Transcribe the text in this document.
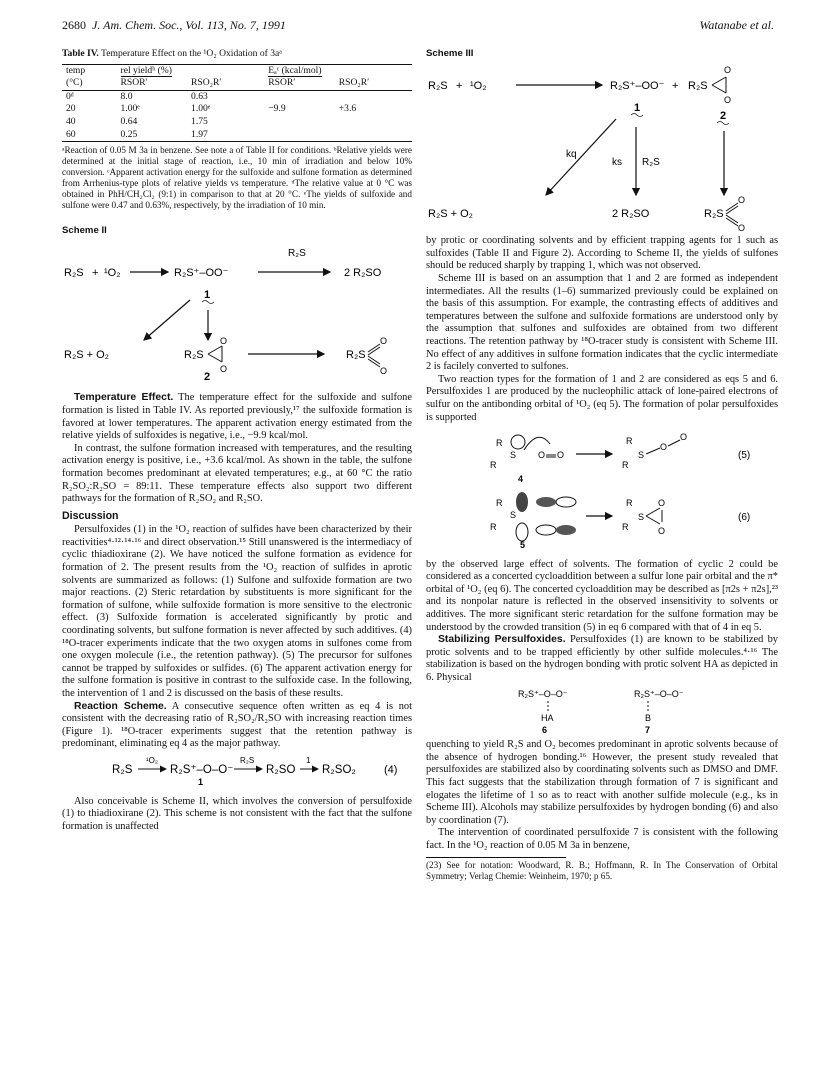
2680 J. Am. Chem. Soc., Vol. 113, No. 7, 1991	Watanabe et al.
Table IV. Temperature Effect on the ¹O₂ Oxidation of 3aᵃ
temp	rel yieldᵇ (%)		Eₐᶜ (kcal/mol)	
(°C)	RSOR′	RSO₂R′	RSOR′	RSO₂R′
0ᵈ	8.0	0.63		
20	1.00ᵉ	1.00ᵉ	−9.9	+3.6
40	0.64	1.75		
60	0.25	1.97		
ᵃReaction of 0.05 M 3a in benzene. See note a of Table II for conditions. ᵇRelative yields were determined at the initial stage of reaction, i.e., 10 min of irradiation and below 10% conversion. ᶜApparent activation energy for the sulfoxide and sulfone formation as determined from Arrhenius-type plots of relative yields vs temperature. ᵈThe relative value at 0 °C was obtained in PhH/CH₂Cl₂ (9:1) in comparison to that at 20 °C. ᵉThe yields of sulfoxide and sulfone were 0.47 and 0.63%, respectively, by the irradiation of 10 min.
Scheme II
R₂S + ¹O₂	R₂S⁺–OO⁻
R₂S
2 R₂SO
1
R₂S + O₂	R₂S
O
O
2
R₂S
O
O

Temperature Effect. The temperature effect for the sulfoxide and sulfone formation is listed in Table IV. As reported previously,¹⁷ the sulfoxide formation is favored at lower temperatures. The apparent activation energy estimated from the relative yields of sulfoxides is negative, i.e., −9.9 kcal/mol.

In contrast, the sulfone formation increased with temperatures, and the resulting activation energy is positive, i.e., +3.6 kcal/mol. As shown in the table, the sulfone formation becomes predominant at elevated temperatures; e.g., at 60 °C the ratio R₂SO₂:R₂SO = 89:11. These temperature effects also support two different pathways for the formation of R₂SO₂ and R₂SO.

Discussion

Persulfoxides (1) in the ¹O₂ reaction of sulfides have been characterized by their reactivities⁴·¹²·¹⁴·¹⁶ and direct observation.¹⁵ Still unanswered is the intermediacy of cyclic thiadioxirane (2). We have noticed the sulfone formation as evidence for formation of 2. The present results from the ¹O₂ reaction of sulfides in aprotic solvents are summarized as follows: (1) Sulfone and sulfoxide formation are two major reactions. (2) Steric retardation by substituents is more significant for the formation of sulfone, while sulfoxide formation is more sensitive to the electronic effect. (3) Sulfoxide formation is accelerated significantly by protic and coordinating solvents, but sulfone formation is never affected by such additives. (4) ¹⁸O-tracer experiments indicate that the two oxygen atoms in sulfones come from one oxygen molecule (i.e., the retention pathway). (5) The precursor for sulfones cannot be trapped by sulfoxides or sulfides. (6) The apparent activation energy for the sulfone formation is positive in contrast to the sulfoxide case. In the following, the intervention of 1 and 2 is discussed on the basis of these results.

Reaction Scheme. A consecutive sequence often written as eq 4 is not consistent with the decreasing ratio of R₂SO₂/R₂SO with increasing reaction times (Figure 1). ¹⁸O-tracer experiments suggest that the retention pathway is predominant, eliminating eq 4 as the major pathway.

R₂S
¹O₂
R₂S⁺–O–O⁻
1
R₂S
R₂SO
1
R₂SO₂	(4)

Also conceivable is Scheme II, which involves the conversion of persulfoxide (1) to thiadioxirane (2). This scheme is not consistent with the fact that the sulfone formation is unaffected

Scheme III
R₂S + ¹O₂	R₂S⁺–OO⁻ + R₂S
O
O
1
2
kq
ks R₂S
R₂S + O₂	2 R₂SO	R₂S
O
O

by protic or coordinating solvents and by efficient trapping agents for 1 such as sulfoxides (Table II and Figure 2). According to Scheme II, the yields of sulfones should be reduced sharply by trapping 1, which was not observed.

Scheme III is based on an assumption that 1 and 2 are formed as independent intermediates. All the results (1–6) summarized previously could be explained on the basis of this assumption. For example, the contrasting effects of additives and temperatures between the sulfone and sulfoxide formations are understood only by the assumption that sulfones and sulfoxides are obtained from two different reactions. The retention pathway by ¹⁸O-tracer study is consistent with Scheme III. No effect of any additives in sulfone formation indicates that the cyclic intermediate 2 is facilely converted to sulfones.

Two reaction types for the formation of 1 and 2 are considered as eqs 5 and 6. Persulfoxides 1 are produced by the nucleophilic attack of lone-paired electrons of sulfur on the antibonding orbital of ¹O₂ (eq 5). The formation of polar persulfoxides is supported

R
R
S O O
4
R
R
S
O
O
(5)
R
R
S
5
R
R
S
O
O
(6)

by the observed large effect of solvents. The formation of cyclic 2 could be considered as a concerted cycloaddition between a sulfur lone pair orbital and the π* orbital of ¹O₂ (eq 6). The concerted cycloaddition may be described as [π2s + π2s],²³ and its nonpolar nature is reflected in the observed insensitivity to solvents or additives. The more significant steric retardation for the sulfone formation may be understood by the crowded transition (5) in eq 6 compared with that of 4 in eq 5.

Stabilizing Persulfoxides. Persulfoxides (1) are known to be stabilized by protic solvents and to be trapped efficiently by other sulfide molecules.⁴·¹⁶ The stabilization is based on the hydrogen bonding with protic solvent HA as depicted in 6. Physical

R₂S⁺–O–O⁻
HA
6
R₂S⁺–O–O⁻
B
7

quenching to yield R₂S and O₂ becomes predominant in aprotic solvents because of the absence of hydrogen bonding.¹⁶ However, the present study revealed that persulfoxides are stabilized also by coordinating solvents such as DMSO and DMF. This fact suggests that the stabilization through formation of 7 is significant and elogates the lifetime of 1 so as to react with another sulfide molecule (e.g., ks in Scheme III). Alcohols may stabilize persulfoxides by hydrogen bonding (6) and also by coordination (7).

The intervention of coordinated persulfoxide 7 is consistent with the following fact. In the ¹O₂ reaction of 0.05 M 3a in benzene,

(23) See for notation: Woodward, R. B.; Hoffmann, R. In The Conservation of Orbital Symmetry; Verlag Chemie: Weinheim, 1970; p 65.
